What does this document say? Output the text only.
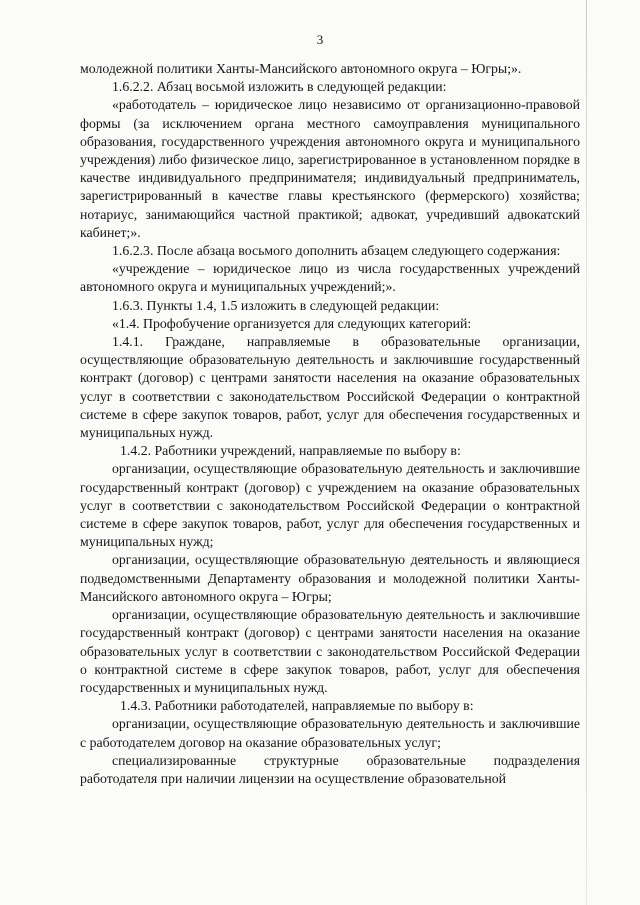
3

молодежной политики Ханты-Мансийского автономного округа – Югры;».

1.6.2.2. Абзац восьмой изложить в следующей редакции:

«работодатель – юридическое лицо независимо от организационно-правовой формы (за исключением органа местного самоуправления муниципального образования, государственного учреждения автономного округа и муниципального учреждения) либо физическое лицо, зарегистрированное в установленном порядке в качестве индивидуального предпринимателя; индивидуальный предприниматель, зарегистрированный в качестве главы крестьянского (фермерского) хозяйства; нотариус, занимающийся частной практикой; адвокат, учредивший адвокатский кабинет;».

1.6.2.3. После абзаца восьмого дополнить абзацем следующего содержания:

«учреждение – юридическое лицо из числа государственных учреждений автономного округа и муниципальных учреждений;».

1.6.3. Пункты 1.4, 1.5 изложить в следующей редакции:

«1.4. Профобучение организуется для следующих категорий:

1.4.1. Граждане, направляемые в образовательные организации, осуществляющие образовательную деятельность и заключившие государственный контракт (договор) с центрами занятости населения на оказание образовательных услуг в соответствии с законодательством Российской Федерации о контрактной системе в сфере закупок товаров, работ, услуг для обеспечения государственных и муниципальных нужд.

1.4.2. Работники учреждений, направляемые по выбору в:

организации, осуществляющие образовательную деятельность и заключившие государственный контракт (договор) с учреждением на оказание образовательных услуг в соответствии с законодательством Российской Федерации о контрактной системе в сфере закупок товаров, работ, услуг для обеспечения государственных и муниципальных нужд;

организации, осуществляющие образовательную деятельность и являющиеся подведомственными Департаменту образования и молодежной политики Ханты-Мансийского автономного округа – Югры;

организации, осуществляющие образовательную деятельность и заключившие государственный контракт (договор) с центрами занятости населения на оказание образовательных услуг в соответствии с законодательством Российской Федерации о контрактной системе в сфере закупок товаров, работ, услуг для обеспечения государственных и муниципальных нужд.

1.4.3. Работники работодателей, направляемые по выбору в:

организации, осуществляющие образовательную деятельность и заключившие с работодателем договор на оказание образовательных услуг;

специализированные структурные образовательные подразделения работодателя при наличии лицензии на осуществление образовательной
